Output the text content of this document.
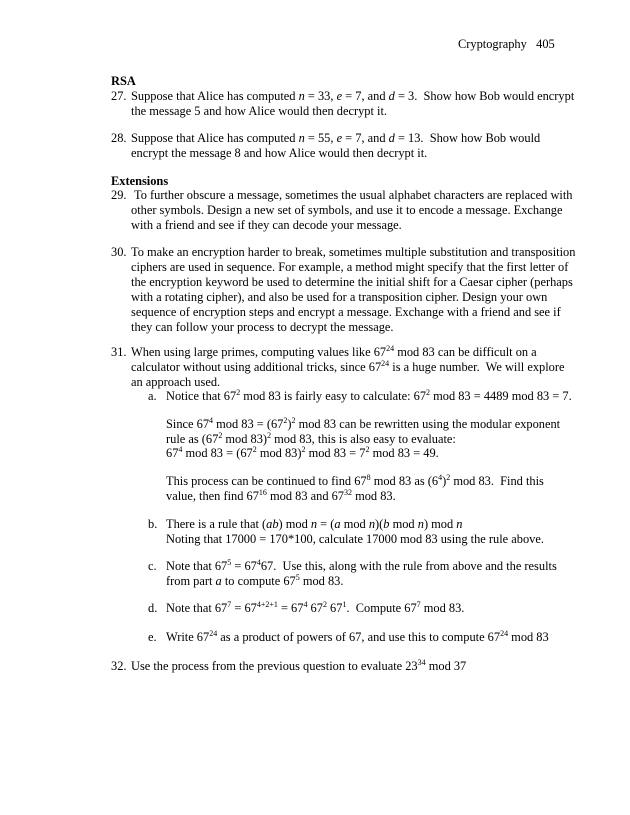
Cryptography 405
RSA
27. Suppose that Alice has computed n = 33, e = 7, and d = 3.  Show how Bob would encrypt
the message 5 and how Alice would then decrypt it.
28. Suppose that Alice has computed n = 55, e = 7, and d = 13.  Show how Bob would
encrypt the message 8 and how Alice would then decrypt it.
Extensions
29. To further obscure a message, sometimes the usual alphabet characters are replaced with
other symbols. Design a new set of symbols, and use it to encode a message. Exchange
with a friend and see if they can decode your message.
30. To make an encryption harder to break, sometimes multiple substitution and transposition
ciphers are used in sequence. For example, a method might specify that the first letter of
the encryption keyword be used to determine the initial shift for a Caesar cipher (perhaps
with a rotating cipher), and also be used for a transposition cipher. Design your own
sequence of encryption steps and encrypt a message. Exchange with a friend and see if
they can follow your process to decrypt the message.
31. When using large primes, computing values like $67^{24}$ mod 83 can be difficult on a
calculator without using additional tricks, since $67^{24}$ is a huge number.  We will explore
an approach used.
a. Notice that $67^2$ mod 83 is fairly easy to calculate: $67^2$ mod 83 = 4489 mod 83 = 7.
Since $67^4$ mod $83 = (67^2)^2$ mod 83 can be rewritten using the modular exponent
rule as ($67^2$ mod 83)$^2$ mod 83, this is also easy to evaluate:
$67^4$ mod $83 = (67^2$ mod 83)$^2$ mod $83 = 7^2$ mod 83 = 49.
This process can be continued to find $67^8$ mod 83 as $(6^4)^2$ mod 83.  Find this
value, then find $67^{16}$ mod 83 and $67^{32}$ mod 83.
b. There is a rule that (ab) mod n = (a mod n)(b mod n) mod n
Noting that 17000 = 170*100, calculate 17000 mod 83 using the rule above.
c. Note that $67^5 = 67^467$.  Use this, along with the rule from above and the results
from part a to compute $67^5$ mod 83.
d. Note that $67^7 = 67^{4+2+1} = 67^4$ $67^2$ $67^1$.  Compute $67^7$ mod 83.
e. Write $67^{24}$ as a product of powers of 67, and use this to compute $67^{24}$ mod 83
32. Use the process from the previous question to evaluate $23^{34}$ mod 37
